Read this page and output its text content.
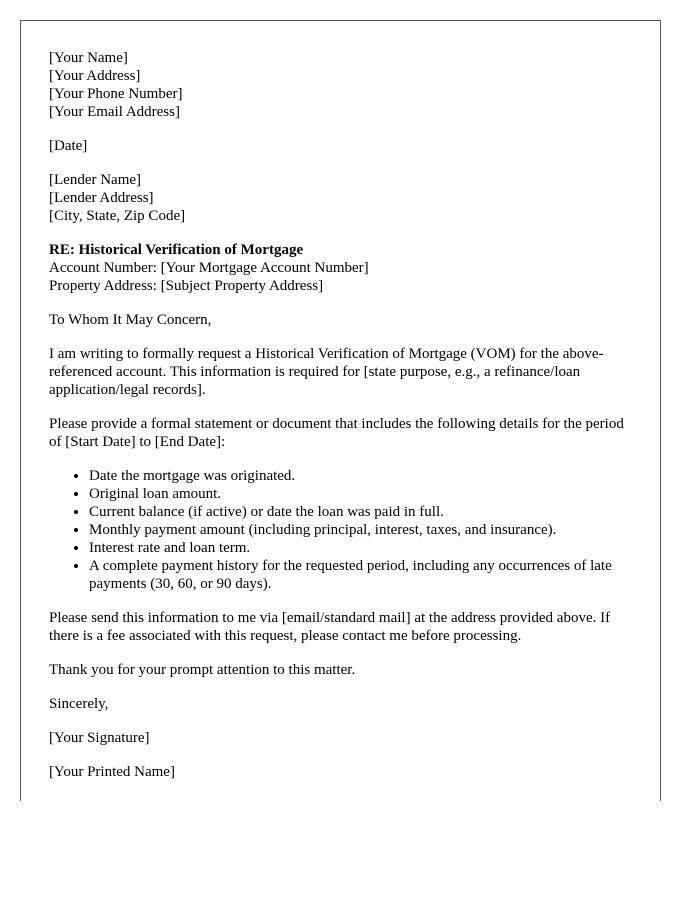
[Your Name]
[Your Address]
[Your Phone Number]
[Your Email Address]
[Date]
[Lender Name]
[Lender Address]
[City, State, Zip Code]
RE: Historical Verification of Mortgage
Account Number: [Your Mortgage Account Number]
Property Address: [Subject Property Address]

To Whom It May Concern,

I am writing to formally request a Historical Verification of Mortgage (VOM) for the above-referenced account. This information is required for [state purpose, e.g., a refinance/loan application/legal records].

Please provide a formal statement or document that includes the following details for the period of [Start Date] to [End Date]:

• Date the mortgage was originated.
• Original loan amount.
• Current balance (if active) or date the loan was paid in full.
• Monthly payment amount (including principal, interest, taxes, and insurance).
• Interest rate and loan term.
• A complete payment history for the requested period, including any occurrences of late payments (30, 60, or 90 days).

Please send this information to me via [email/standard mail] at the address provided above. If there is a fee associated with this request, please contact me before processing.

Thank you for your prompt attention to this matter.

Sincerely,

[Your Signature]

[Your Printed Name]
